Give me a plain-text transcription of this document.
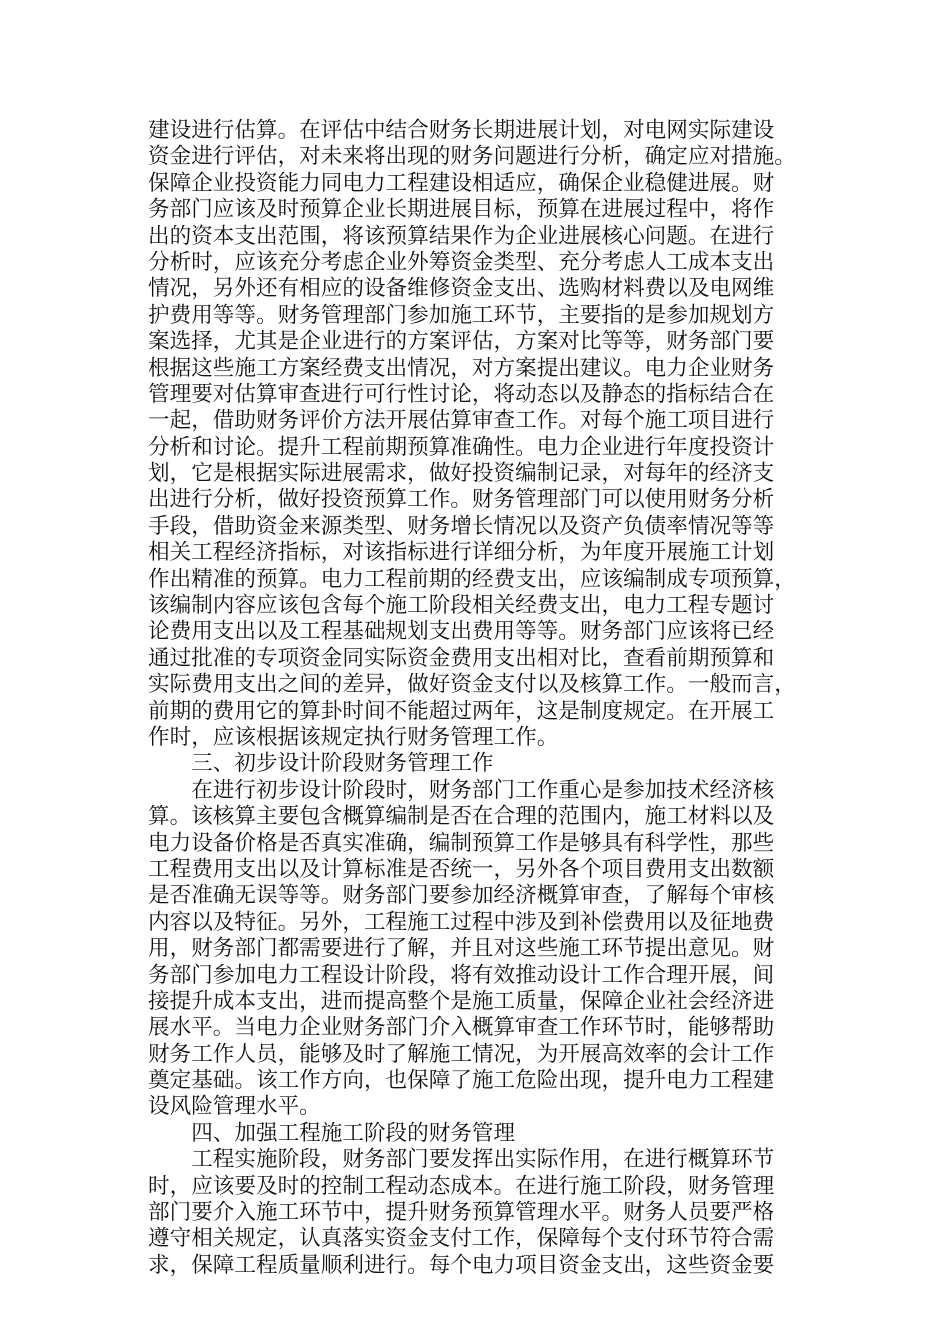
建设进行估算。在评估中结合财务长期进展计划，对电网实际建设
资金进行评估，对未来将出现的财务问题进行分析，确定应对措施。
保障企业投资能力同电力工程建设相适应，确保企业稳健进展。财
务部门应该及时预算企业长期进展目标，预算在进展过程中，将作
出的资本支出范围，将该预算结果作为企业进展核心问题。在进行
分析时，应该充分考虑企业外筹资金类型、充分考虑人工成本支出
情况，另外还有相应的设备维修资金支出、选购材料费以及电网维
护费用等等。财务管理部门参加施工环节，主要指的是参加规划方
案选择，尤其是企业进行的方案评估，方案对比等等，财务部门要
根据这些施工方案经费支出情况，对方案提出建议。电力企业财务
管理要对估算审查进行可行性讨论，将动态以及静态的指标结合在
一起，借助财务评价方法开展估算审查工作。对每个施工项目进行
分析和讨论。提升工程前期预算准确性。电力企业进行年度投资计
划，它是根据实际进展需求，做好投资编制记录，对每年的经济支
出进行分析，做好投资预算工作。财务管理部门可以使用财务分析
手段，借助资金来源类型、财务增长情况以及资产负债率情况等等
相关工程经济指标，对该指标进行详细分析，为年度开展施工计划
作出精准的预算。电力工程前期的经费支出，应该编制成专项预算，
该编制内容应该包含每个施工阶段相关经费支出，电力工程专题讨
论费用支出以及工程基础规划支出费用等等。财务部门应该将已经
通过批准的专项资金同实际资金费用支出相对比，查看前期预算和
实际费用支出之间的差异，做好资金支付以及核算工作。一般而言，
前期的费用它的算卦时间不能超过两年，这是制度规定。在开展工
作时，应该根据该规定执行财务管理工作。
　　三、初步设计阶段财务管理工作
　　在进行初步设计阶段时，财务部门工作重心是参加技术经济核
算。该核算主要包含概算编制是否在合理的范围内，施工材料以及
电力设备价格是否真实准确，编制预算工作是够具有科学性，那些
工程费用支出以及计算标准是否统一，另外各个项目费用支出数额
是否准确无误等等。财务部门要参加经济概算审查，了解每个审核
内容以及特征。另外，工程施工过程中涉及到补偿费用以及征地费
用，财务部门都需要进行了解，并且对这些施工环节提出意见。财
务部门参加电力工程设计阶段，将有效推动设计工作合理开展，间
接提升成本支出，进而提高整个是施工质量，保障企业社会经济进
展水平。当电力企业财务部门介入概算审查工作环节时，能够帮助
财务工作人员，能够及时了解施工情况，为开展高效率的会计工作
奠定基础。该工作方向，也保障了施工危险出现，提升电力工程建
设风险管理水平。
　　四、加强工程施工阶段的财务管理
　　工程实施阶段，财务部门要发挥出实际作用，在进行概算环节
时，应该要及时的控制工程动态成本。在进行施工阶段，财务管理
部门要介入施工环节中，提升财务预算管理水平。财务人员要严格
遵守相关规定，认真落实资金支付工作，保障每个支付环节符合需
求，保障工程质量顺利进行。每个电力项目资金支出，这些资金要
